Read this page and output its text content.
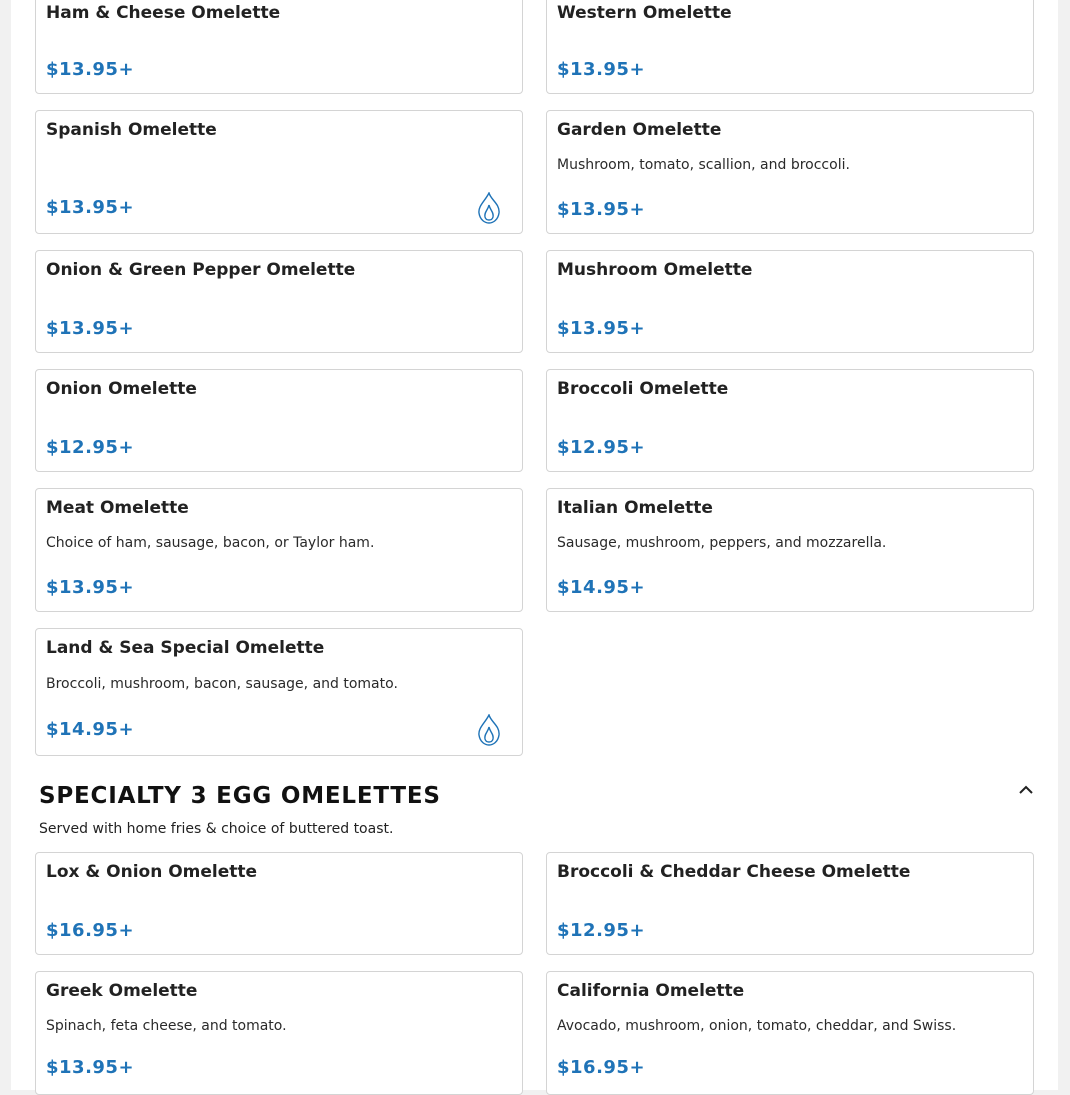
Ham & Cheese Omelette
$13.95+
Western Omelette
$13.95+
Spanish Omelette
$13.95+
Garden Omelette
Mushroom, tomato, scallion, and broccoli.
$13.95+
Onion & Green Pepper Omelette
$13.95+
Mushroom Omelette
$13.95+
Onion Omelette
$12.95+
Broccoli Omelette
$12.95+
Meat Omelette
Choice of ham, sausage, bacon, or Taylor ham.
$13.95+
Italian Omelette
Sausage, mushroom, peppers, and mozzarella.
$14.95+
Land & Sea Special Omelette
Broccoli, mushroom, bacon, sausage, and tomato.
$14.95+
SPECIALTY 3 EGG OMELETTES
Served with home fries & choice of buttered toast.
Lox & Onion Omelette
$16.95+
Broccoli & Cheddar Cheese Omelette
$12.95+
Greek Omelette
Spinach, feta cheese, and tomato.
$13.95+
California Omelette
Avocado, mushroom, onion, tomato, cheddar, and Swiss.
$16.95+
